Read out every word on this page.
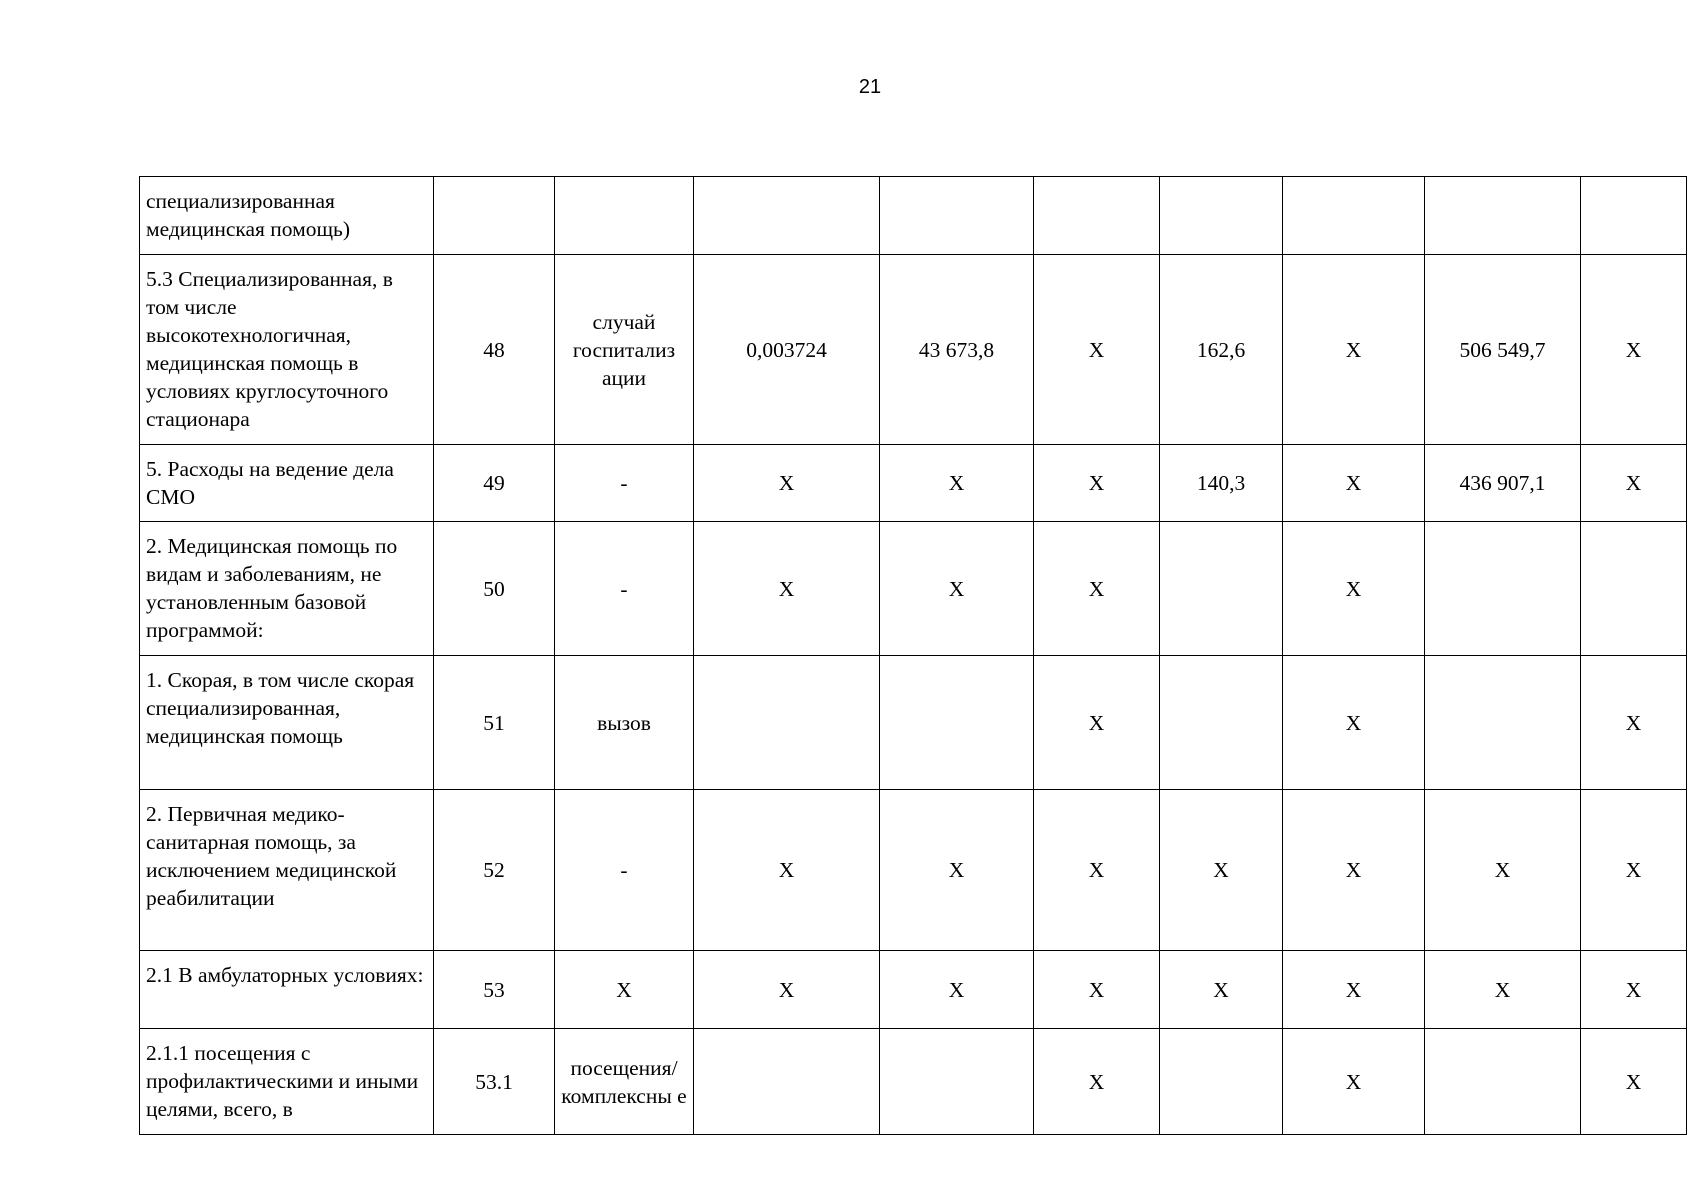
21
специализированная медицинская помощь)									
5.3 Специализированная, в том числе высокотехнологичная, медицинская помощь в условиях круглосуточного стационара	48	случай госпитализ ации	0,003724	43 673,8	X	162,6	X	506 549,7	X
5. Расходы на ведение дела СМО	49	-	X	X	X	140,3	X	436 907,1	X
2. Медицинская помощь по видам и заболеваниям, не установленным базовой программой:	50	-	X	X	X		X		
1. Скорая, в том числе скорая специализированная, медицинская помощь	51	вызов			X		X		X
2. Первичная медико-санитарная помощь, за исключением медицинской реабилитации	52	-	X	X	X	X	X	X	X
2.1 В амбулаторных условиях:	53	X	X	X	X	X	X	X	X
2.1.1 посещения с профилактическими и иными целями, всего, в	53.1	посещения/ комплексны е			X		X		X
